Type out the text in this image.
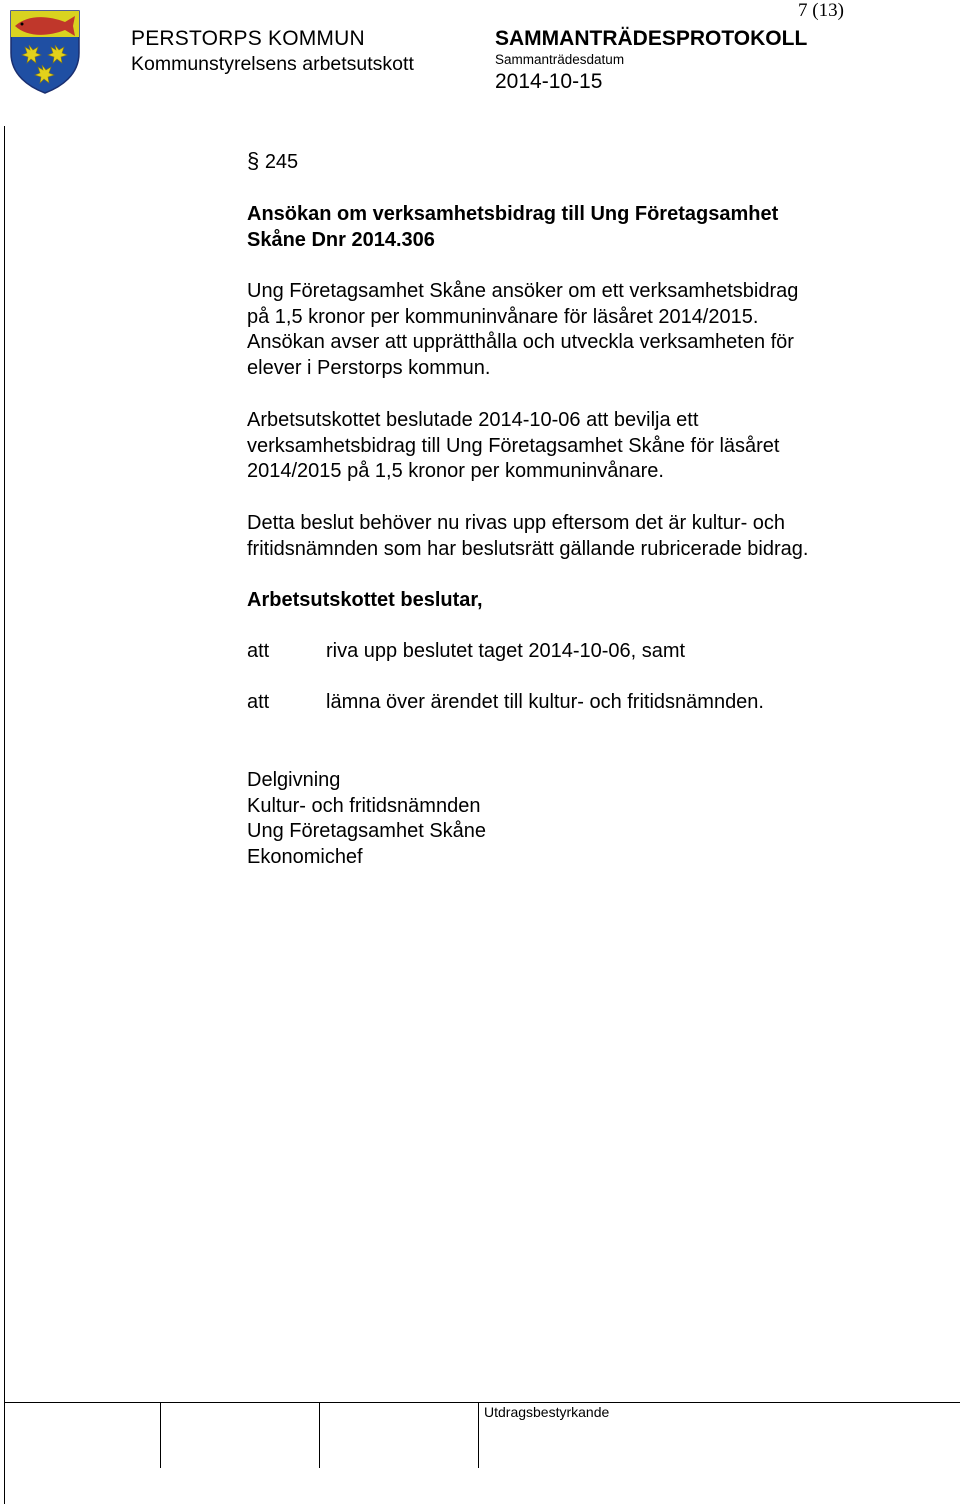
7 (13)
PERSTORPS KOMMUN
Kommunstyrelsens arbetsutskott
SAMMANTRÄDESPROTOKOLL
Sammanträdesdatum
2014-10-15
§ 245
Ansökan om verksamhetsbidrag till Ung Företagsamhet
Skåne Dnr 2014.306
Ung Företagsamhet Skåne ansöker om ett verksamhetsbidrag
på 1,5 kronor per kommuninvånare för läsåret 2014/2015.
Ansökan avser att upprätthålla och utveckla verksamheten för
elever i Perstorps kommun.
Arbetsutskottet beslutade 2014-10-06 att bevilja ett
verksamhetsbidrag till Ung Företagsamhet Skåne för läsåret
2014/2015 på 1,5 kronor per kommuninvånare.
Detta beslut behöver nu rivas upp eftersom det är kultur- och
fritidsnämnden som har beslutsrätt gällande rubricerade bidrag.
Arbetsutskottet beslutar,
att	riva upp beslutet taget 2014-10-06, samt
att	lämna över ärendet till kultur- och fritidsnämnden.
Delgivning
Kultur- och fritidsnämnden
Ung Företagsamhet Skåne
Ekonomichef
Utdragsbestyrkande
